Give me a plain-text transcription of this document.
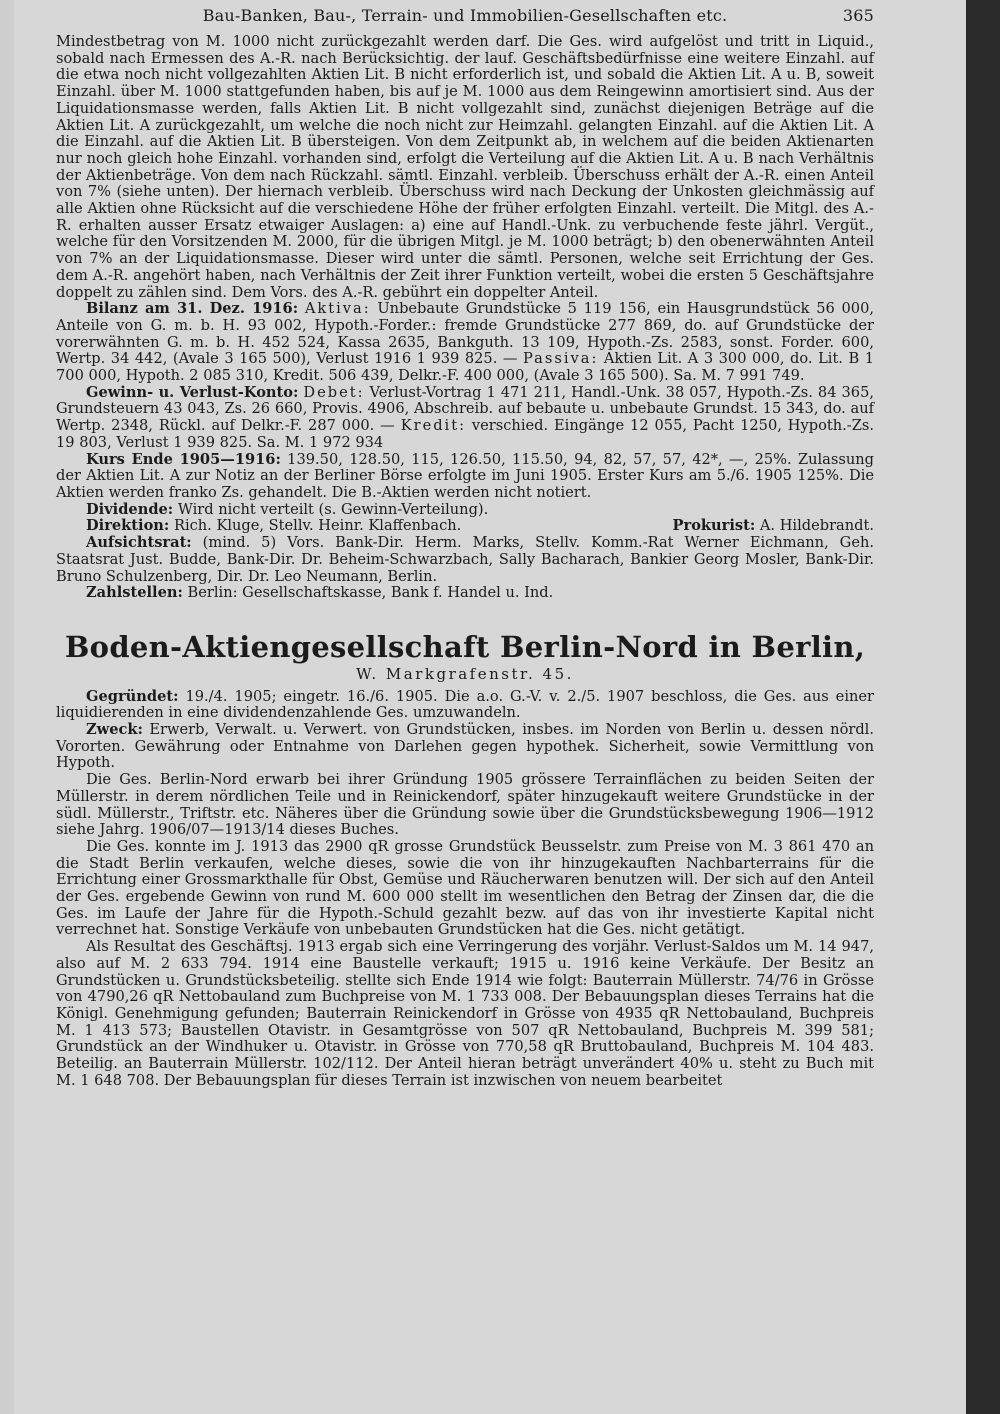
Bau-Banken, Bau-, Terrain- und Immobilien-Gesellschaften etc.	365

Mindestbetrag von M. 1000 nicht zurückgezahlt werden darf. Die Ges. wird aufgelöst und tritt in Liquid., sobald nach Ermessen des A.-R. nach Berücksichtig. der lauf. Geschäftsbedürfnisse eine weitere Einzahl. auf die etwa noch nicht vollgezahlten Aktien Lit. B nicht erforderlich ist, und sobald die Aktien Lit. A u. B, soweit Einzahl. über M. 1000 stattgefunden haben, bis auf je M. 1000 aus dem Reingewinn amortisiert sind. Aus der Liquidationsmasse werden, falls Aktien Lit. B nicht vollgezahlt sind, zunächst diejenigen Beträge auf die Aktien Lit. A zurückgezahlt, um welche die noch nicht zur Heimzahl. gelangten Einzahl. auf die Aktien Lit. A die Einzahl. auf die Aktien Lit. B übersteigen. Von dem Zeitpunkt ab, in welchem auf die beiden Aktienarten nur noch gleich hohe Einzahl. vorhanden sind, erfolgt die Verteilung auf die Aktien Lit. A u. B nach Verhältnis der Aktienbeträge. Von dem nach Rückzahl. sämtl. Einzahl. verbleib. Überschuss erhält der A.-R. einen Anteil von 7% (siehe unten). Der hiernach verbleib. Überschuss wird nach Deckung der Unkosten gleichmässig auf alle Aktien ohne Rücksicht auf die verschiedene Höhe der früher erfolgten Einzahl. verteilt. Die Mitgl. des A.-R. erhalten ausser Ersatz etwaiger Auslagen: a) eine auf Handl.-Unk. zu verbuchende feste jährl. Vergüt., welche für den Vorsitzenden M. 2000, für die übrigen Mitgl. je M. 1000 beträgt; b) den obenerwähnten Anteil von 7% an der Liquidationsmasse. Dieser wird unter die sämtl. Personen, welche seit Errichtung der Ges. dem A.-R. angehört haben, nach Verhältnis der Zeit ihrer Funktion verteilt, wobei die ersten 5 Geschäftsjahre doppelt zu zählen sind. Dem Vors. des A.-R. gebührt ein doppelter Anteil.

Bilanz am 31. Dez. 1916: Aktiva: Unbebaute Grundstücke 5 119 156, ein Hausgrundstück 56 000, Anteile von G. m. b. H. 93 002, Hypoth.-Forder.: fremde Grundstücke 277 869, do. auf Grundstücke der vorerwähnten G. m. b. H. 452 524, Kassa 2635, Bankguth. 13 109, Hypoth.-Zs. 2583, sonst. Forder. 600, Wertp. 34 442, (Avale 3 165 500), Verlust 1916 1 939 825. — Passiva: Aktien Lit. A 3 300 000, do. Lit. B 1 700 000, Hypoth. 2 085 310, Kredit. 506 439, Delkr.-F. 400 000, (Avale 3 165 500). Sa. M. 7 991 749.

Gewinn- u. Verlust-Konto: Debet: Verlust-Vortrag 1 471 211, Handl.-Unk. 38 057, Hypoth.-Zs. 84 365, Grundsteuern 43 043, Zs. 26 660, Provis. 4906, Abschreib. auf bebaute u. unbebaute Grundst. 15 343, do. auf Wertp. 2348, Rückl. auf Delkr.-F. 287 000. — Kredit: verschied. Eingänge 12 055, Pacht 1250, Hypoth.-Zs. 19 803, Verlust 1 939 825. Sa. M. 1 972 934

Kurs Ende 1905—1916: 139.50, 128.50, 115, 126.50, 115.50, 94, 82, 57, 57, 42*, —, 25%. Zulassung der Aktien Lit. A zur Notiz an der Berliner Börse erfolgte im Juni 1905. Erster Kurs am 5./6. 1905 125%. Die Aktien werden franko Zs. gehandelt. Die B.-Aktien werden nicht notiert.

Dividende: Wird nicht verteilt (s. Gewinn-Verteilung).

Direktion: Rich. Kluge, Stellv. Heinr. Klaffenbach.	Prokurist: A. Hildebrandt.

Aufsichtsrat: (mind. 5) Vors. Bank-Dir. Herm. Marks, Stellv. Komm.-Rat Werner Eichmann, Geh. Staatsrat Just. Budde, Bank-Dir. Dr. Beheim-Schwarzbach, Sally Bacharach, Bankier Georg Mosler, Bank-Dir. Bruno Schulzenberg, Dir. Dr. Leo Neumann, Berlin.

Zahlstellen: Berlin: Gesellschaftskasse, Bank f. Handel u. Ind.

Boden-Aktiengesellschaft Berlin-Nord in Berlin,
W. Markgrafenstr. 45.

Gegründet: 19./4. 1905; eingetr. 16./6. 1905. Die a.o. G.-V. v. 2./5. 1907 beschloss, die Ges. aus einer liquidierenden in eine dividendenzahlende Ges. umzuwandeln.

Zweck: Erwerb, Verwalt. u. Verwert. von Grundstücken, insbes. im Norden von Berlin u. dessen nördl. Vororten. Gewährung oder Entnahme von Darlehen gegen hypothek. Sicherheit, sowie Vermittlung von Hypoth.

Die Ges. Berlin-Nord erwarb bei ihrer Gründung 1905 grössere Terrainflächen zu beiden Seiten der Müllerstr. in derem nördlichen Teile und in Reinickendorf, später hinzugekauft weitere Grundstücke in der südl. Müllerstr., Triftstr. etc. Näheres über die Gründung sowie über die Grundstücksbewegung 1906—1912 siehe Jahrg. 1906/07—1913/14 dieses Buches.

Die Ges. konnte im J. 1913 das 2900 qR grosse Grundstück Beusselstr. zum Preise von M. 3 861 470 an die Stadt Berlin verkaufen, welche dieses, sowie die von ihr hinzugekauften Nachbarterrains für die Errichtung einer Grossmarkthalle für Obst, Gemüse und Räucherwaren benutzen will. Der sich auf den Anteil der Ges. ergebende Gewinn von rund M. 600 000 stellt im wesentlichen den Betrag der Zinsen dar, die die Ges. im Laufe der Jahre für die Hypoth.-Schuld gezahlt bezw. auf das von ihr investierte Kapital nicht verrechnet hat. Sonstige Verkäufe von unbebauten Grundstücken hat die Ges. nicht getätigt.

Als Resultat des Geschäftsj. 1913 ergab sich eine Verringerung des vorjähr. Verlust-Saldos um M. 14 947, also auf M. 2 633 794. 1914 eine Baustelle verkauft; 1915 u. 1916 keine Verkäufe. Der Besitz an Grundstücken u. Grundstücksbeteilig. stellte sich Ende 1914 wie folgt: Bauterrain Müllerstr. 74/76 in Grösse von 4790,26 qR Nettobauland zum Buchpreise von M. 1 733 008. Der Bebauungsplan dieses Terrains hat die Königl. Genehmigung gefunden; Bauterrain Reinickendorf in Grösse von 4935 qR Nettobauland, Buchpreis M. 1 413 573; Baustellen Otavistr. in Gesamtgrösse von 507 qR Nettobauland, Buchpreis M. 399 581; Grundstück an der Windhuker u. Otavistr. in Grösse von 770,58 qR Bruttobauland, Buchpreis M. 104 483. Beteilig. an Bauterrain Müllerstr. 102/112. Der Anteil hieran beträgt unverändert 40% u. steht zu Buch mit M. 1 648 708. Der Bebauungsplan für dieses Terrain ist inzwischen von neuem bearbeitet
